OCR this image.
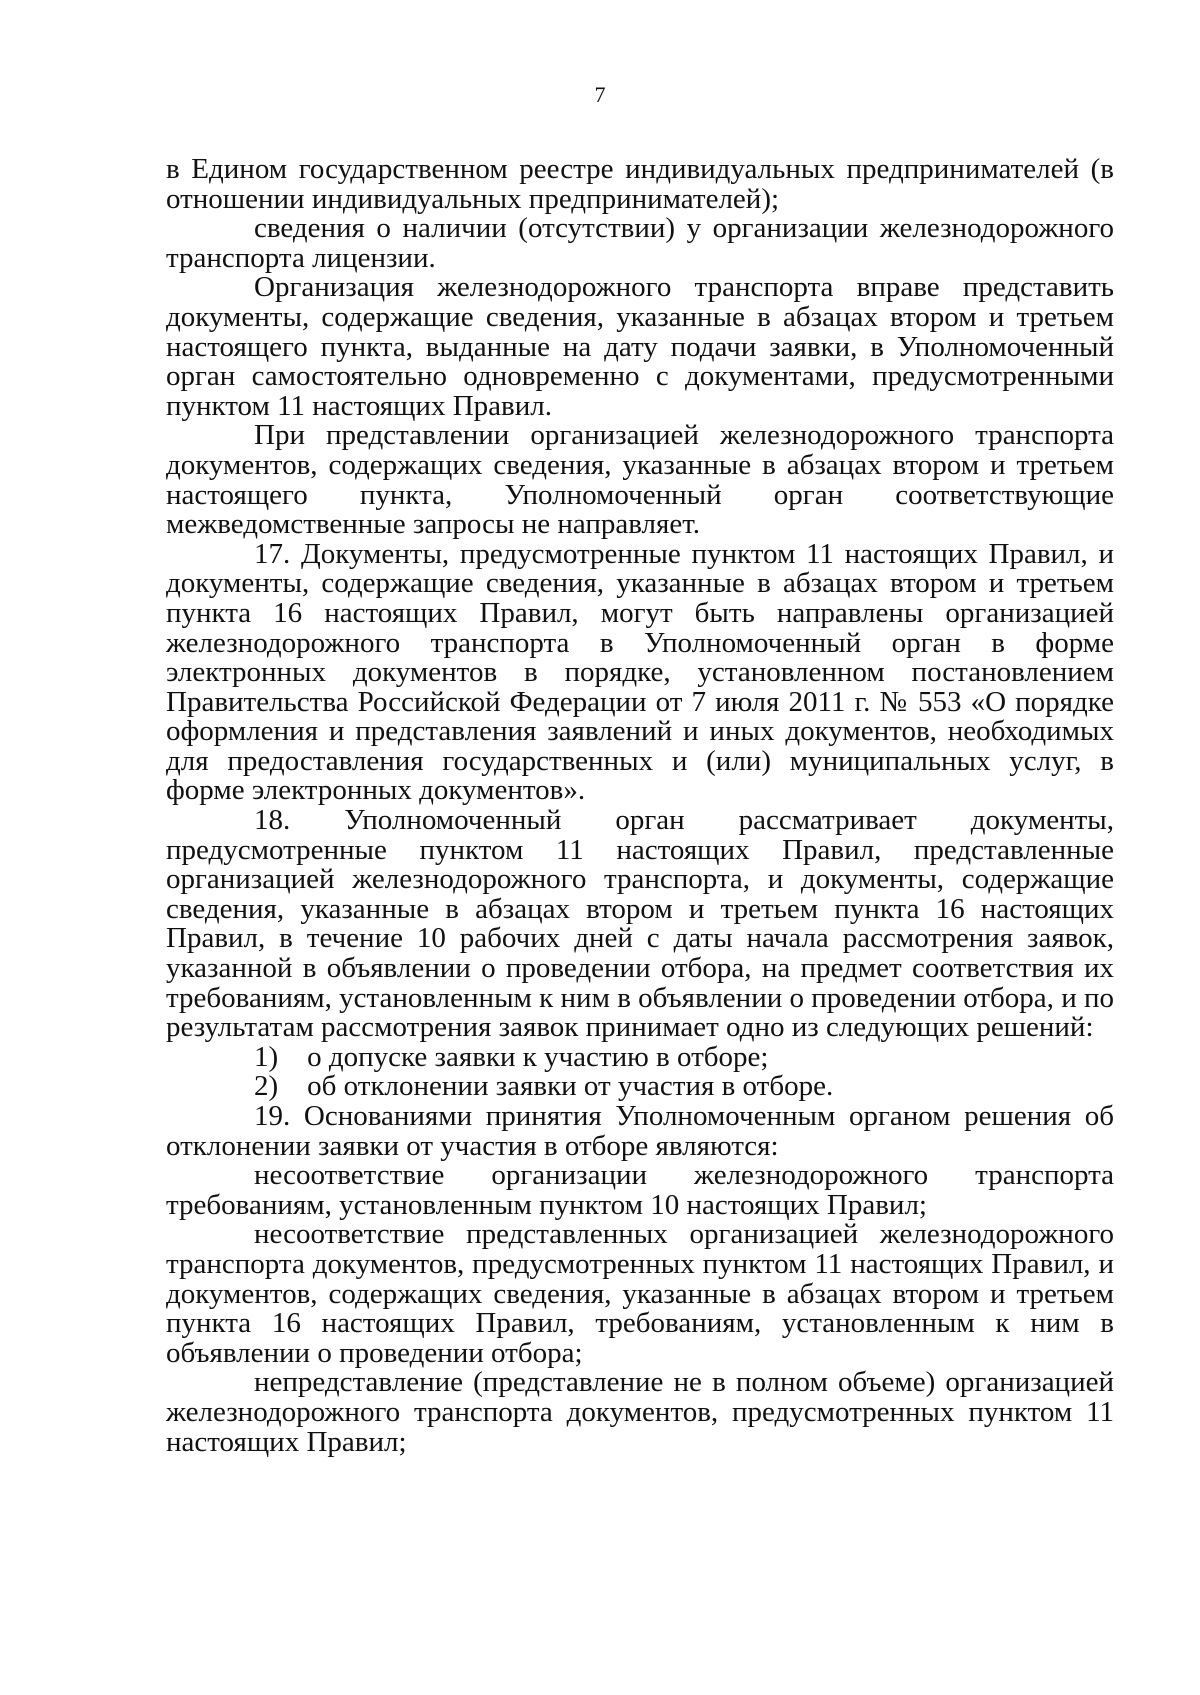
7

в Едином государственном реестре индивидуальных предпринимателей (в отношении индивидуальных предпринимателей);

сведения о наличии (отсутствии) у организации железнодорожного транспорта лицензии.

Организация железнодорожного транспорта вправе представить документы, содержащие сведения, указанные в абзацах втором и третьем настоящего пункта, выданные на дату подачи заявки, в Уполномоченный орган самостоятельно одновременно с документами, предусмотренными пунктом 11 настоящих Правил.

При представлении организацией железнодорожного транспорта документов, содержащих сведения, указанные в абзацах втором и третьем настоящего пункта, Уполномоченный орган соответствующие межведомственные запросы не направляет.

17. Документы, предусмотренные пунктом 11 настоящих Правил, и документы, содержащие сведения, указанные в абзацах втором и третьем пункта 16 настоящих Правил, могут быть направлены организацией железнодорожного транспорта в Уполномоченный орган в форме электронных документов в порядке, установленном постановлением Правительства Российской Федерации от 7 июля 2011 г. № 553 «О порядке оформления и представления заявлений и иных документов, необходимых для предоставления государственных и (или) муниципальных услуг, в форме электронных документов».

18. Уполномоченный орган рассматривает документы, предусмотренные пунктом 11 настоящих Правил, представленные организацией железнодорожного транспорта, и документы, содержащие сведения, указанные в абзацах втором и третьем пункта 16 настоящих Правил, в течение 10 рабочих дней с даты начала рассмотрения заявок, указанной в объявлении о проведении отбора, на предмет соответствия их требованиям, установленным к ним в объявлении о проведении отбора, и по результатам рассмотрения заявок принимает одно из следующих решений:

1)    о допуске заявки к участию в отборе;

2)    об отклонении заявки от участия в отборе.

19. Основаниями принятия Уполномоченным органом решения об отклонении заявки от участия в отборе являются:

несоответствие организации железнодорожного транспорта требованиям, установленным пунктом 10 настоящих Правил;

несоответствие представленных организацией железнодорожного транспорта документов, предусмотренных пунктом 11 настоящих Правил, и документов, содержащих сведения, указанные в абзацах втором и третьем пункта 16 настоящих Правил, требованиям, установленным к ним в объявлении о проведении отбора;

непредставление (представление не в полном объеме) организацией железнодорожного транспорта документов, предусмотренных пунктом 11 настоящих Правил;
